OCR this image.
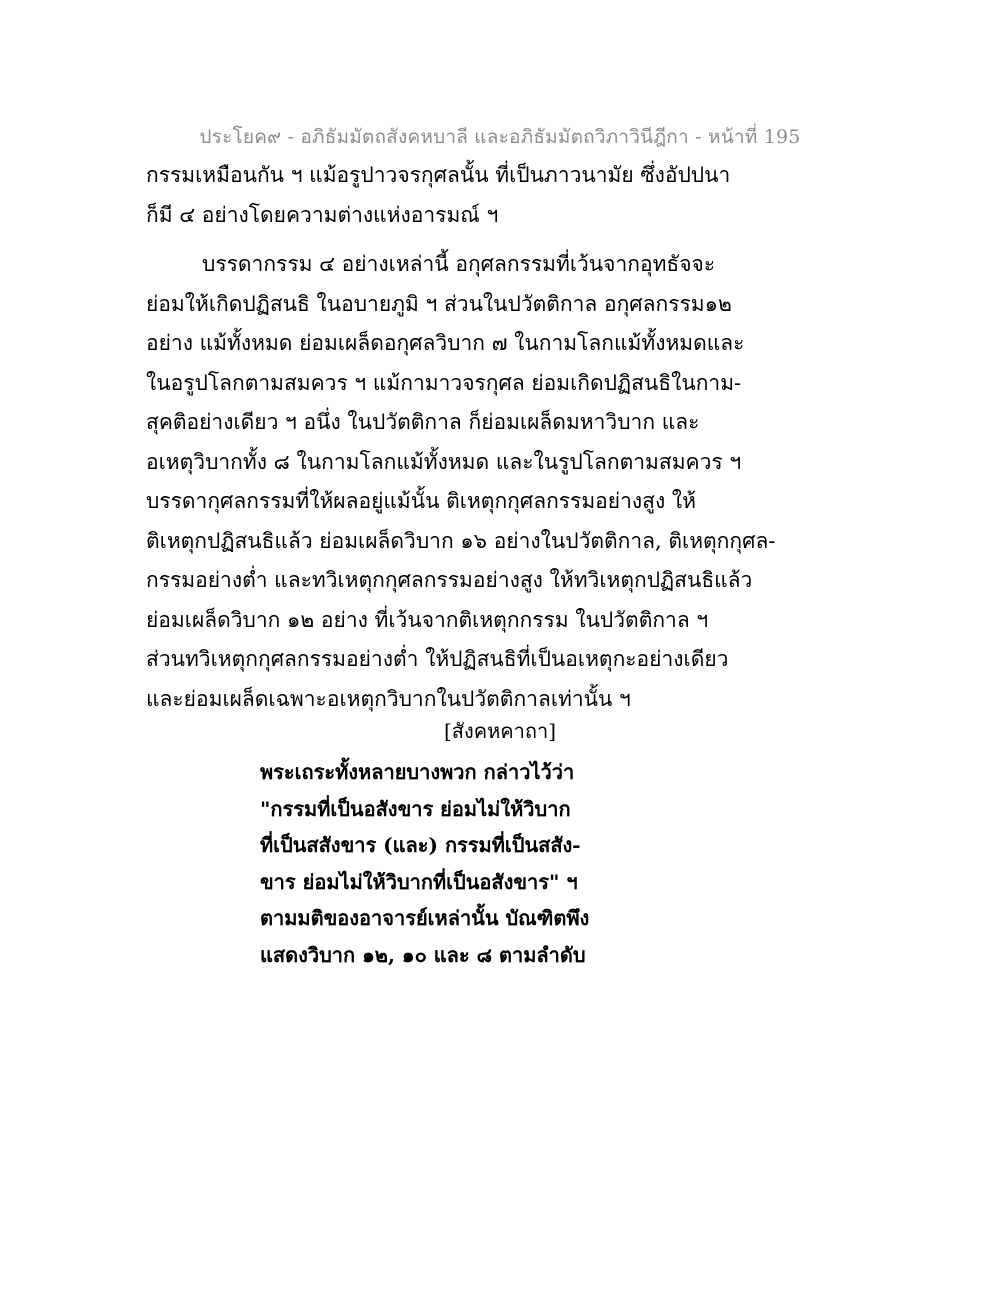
ประโยค๙ - อภิธัมมัตถสังคหบาลี และอภิธัมมัตถวิภาวินีฎีกา - หน้าที่ 195
กรรมเหมือนกัน ฯ แม้อรูปาวจรกุศลนั้น ที่เป็นภาวนามัย ซึ่งอัปปนา
ก็มี ๔ อย่างโดยความต่างแห่งอารมณ์ ฯ
บรรดากรรม ๔ อย่างเหล่านี้ อกุศลกรรมที่เว้นจากอุทธัจจะ
ย่อมให้เกิดปฏิสนธิ ในอบายภูมิ ฯ ส่วนในปวัตติกาล อกุศลกรรม๑๒
อย่าง แม้ทั้งหมด ย่อมเผล็ดอกุศลวิบาก ๗ ในกามโลกแม้ทั้งหมดและ
ในอรูปโลกตามสมควร ฯ แม้กามาวจรกุศล ย่อมเกิดปฏิสนธิในกาม-
สุคติอย่างเดียว ฯ อนึ่ง ในปวัตติกาล ก็ย่อมเผล็ดมหาวิบาก และ
อเหตุวิบากทั้ง ๘ ในกามโลกแม้ทั้งหมด และในรูปโลกตามสมควร ฯ
บรรดากุศลกรรมที่ให้ผลอยู่แม้นั้น ติเหตุกกุศลกรรมอย่างสูง ให้
ติเหตุกปฏิสนธิแล้ว ย่อมเผล็ดวิบาก ๑๖ อย่างในปวัตติกาล, ติเหตุกกุศล-
กรรมอย่างต่ำ และทวิเหตุกกุศลกรรมอย่างสูง ให้ทวิเหตุกปฏิสนธิแล้ว
ย่อมเผล็ดวิบาก ๑๒ อย่าง ที่เว้นจากติเหตุกกรรม ในปวัตติกาล ฯ
ส่วนทวิเหตุกกุศลกรรมอย่างต่ำ ให้ปฏิสนธิที่เป็นอเหตุกะอย่างเดียว
และย่อมเผล็ดเฉพาะอเหตุกวิบากในปวัตติกาลเท่านั้น ฯ
[สังคหคาถา]
พระเถระทั้งหลายบางพวก กล่าวไว้ว่า
"กรรมที่เป็นอสังขาร ย่อมไม่ให้วิบาก
ที่เป็นสสังขาร (และ) กรรมที่เป็นสสัง-
ขาร ย่อมไม่ให้วิบากที่เป็นอสังขาร" ฯ
ตามมติของอาจารย์เหล่านั้น บัณฑิตพึง
แสดงวิบาก ๑๒, ๑๐ และ ๘ ตามลำดับ
